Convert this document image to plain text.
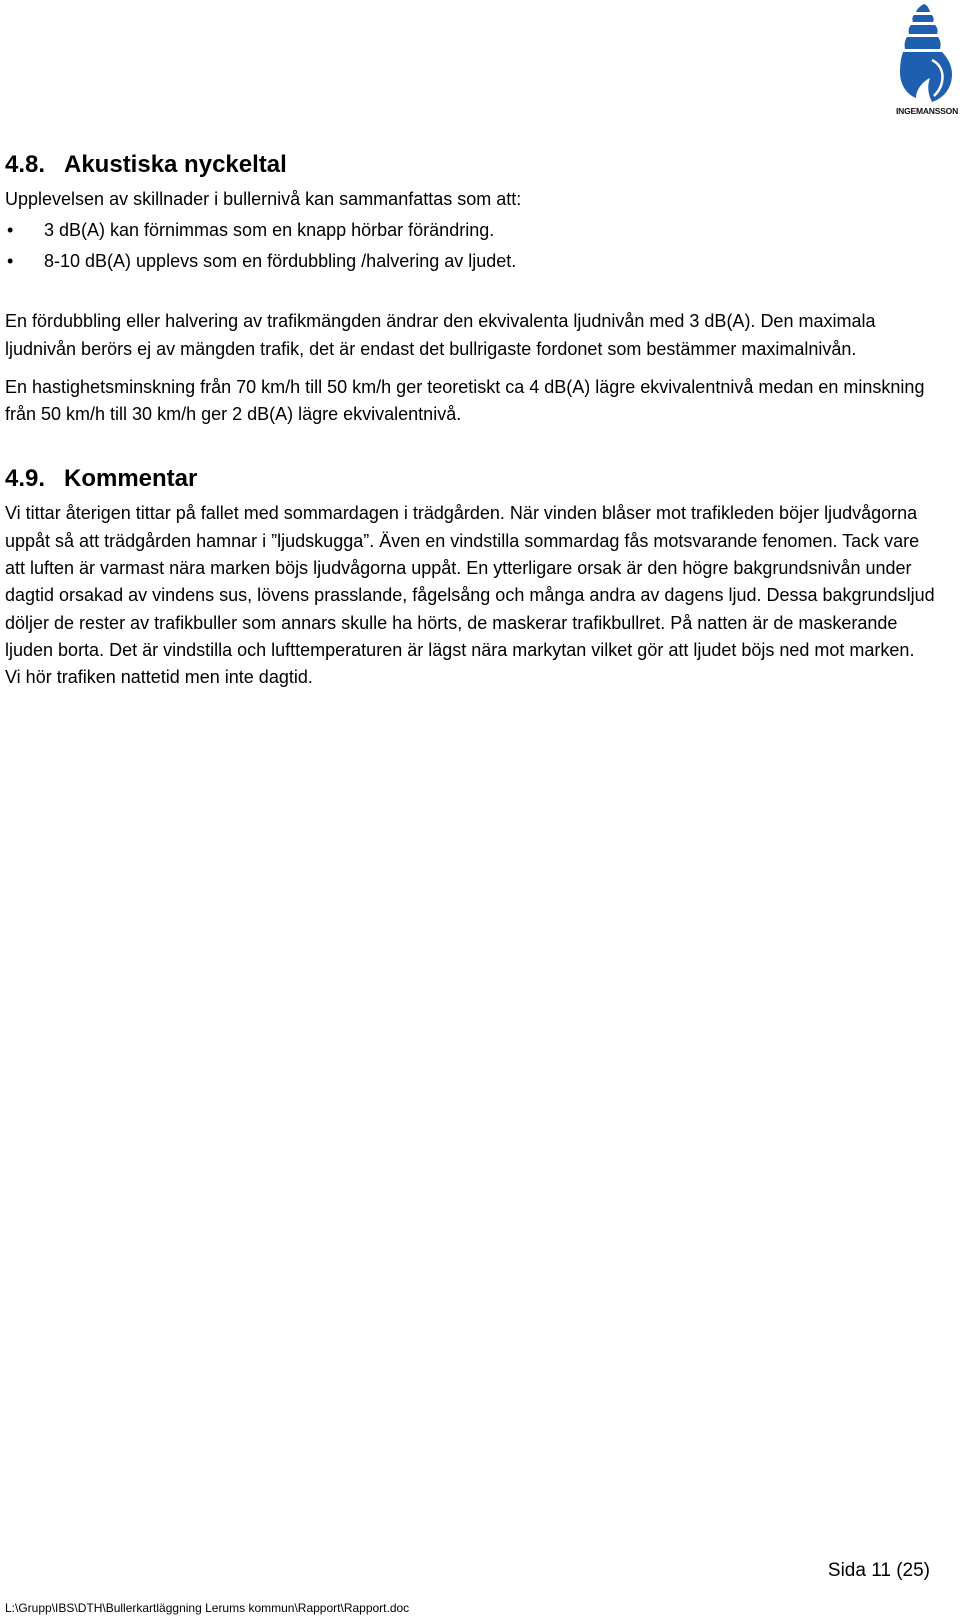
INGEMANSSON
4.8. Akustiska nyckeltal

Upplevelsen av skillnader i bullernivå kan sammanfattas som att:

•	3 dB(A) kan förnimmas som en knapp hörbar förändring.
•	8-10 dB(A) upplevs som en fördubbling /halvering av ljudet.

En fördubbling eller halvering av trafikmängden ändrar den ekvivalenta ljudnivån med 3 dB(A). Den maximala ljudnivån berörs ej av mängden trafik, det är endast det bullrigaste fordonet som bestämmer maximalnivån.

En hastighetsminskning från 70 km/h till 50 km/h ger teoretiskt ca 4 dB(A) lägre ekvivalentnivå medan en minskning från 50 km/h till 30 km/h ger 2 dB(A) lägre ekvivalentnivå.

4.9. Kommentar

Vi tittar återigen tittar på fallet med sommardagen i trädgården. När vinden blåser mot trafikleden böjer ljudvågorna uppåt så att trädgården hamnar i ”ljudskugga”. Även en vindstilla sommardag fås motsvarande fenomen. Tack vare att luften är varmast nära marken böjs ljudvågorna uppåt. En ytterligare orsak är den högre bakgrundsnivån under dagtid orsakad av vindens sus, lövens prasslande, fågelsång och många andra av dagens ljud. Dessa bakgrundsljud döljer de rester av trafikbuller som annars skulle ha hörts, de maskerar trafikbullret. På natten är de maskerande ljuden borta. Det är vindstilla och lufttemperaturen är lägst nära markytan vilket gör att ljudet böjs ned mot marken. Vi hör trafiken nattetid men inte dagtid.

Sida 11 (25)
L:\Grupp\IBS\DTH\Bullerkartläggning Lerums kommun\Rapport\Rapport.doc
